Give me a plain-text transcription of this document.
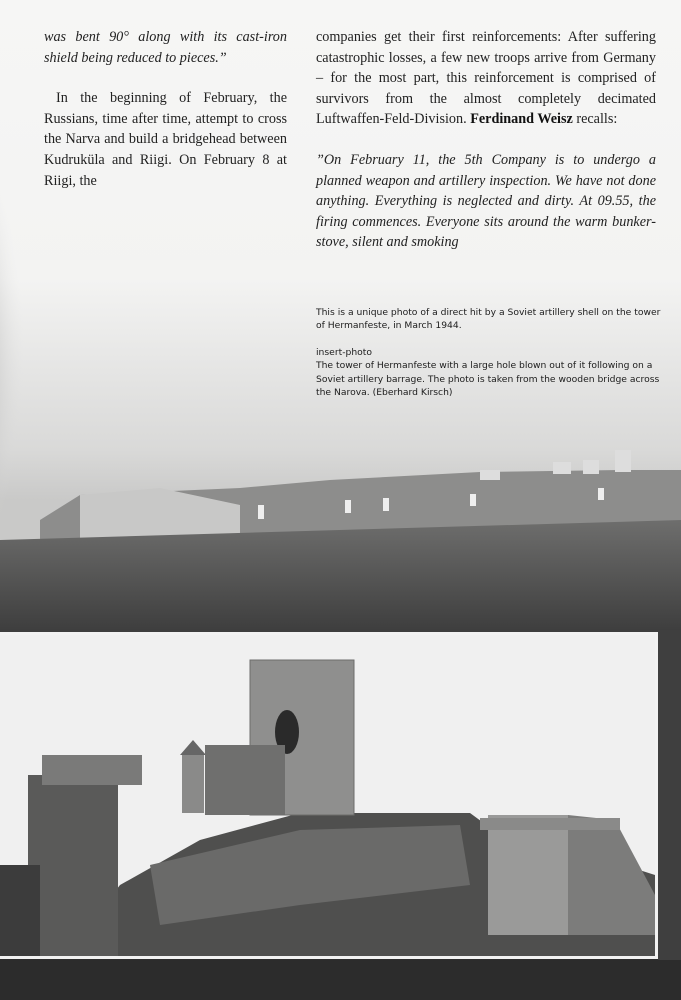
was bent 90° along with its cast-iron shield being reduced to pieces.”

In the beginning of February, the Russians, time after time, attempt to cross the Narva and build a bridgehead between Kudruküla and Riigi. On February 8 at Riigi, the

companies get their first reinforcements: After suffering catastrophic losses, a few new troops arrive from Germany – for the most part, this reinforcement is comprised of survivors from the almost completely decimated Luftwaffen-Feld-Division. Ferdinand Weisz recalls:

”On February 11, the 5th Company is to undergo a planned weapon and artillery inspection. We have not done anything. Everything is neglected and dirty. At 09.55, the firing commences. Everyone sits around the warm bunker-stove, silent and smoking

This is a unique photo of a direct hit by a Soviet artillery shell on the tower of Hermanfeste, in March 1944.

insert-photo

The tower of Hermanfeste with a large hole blown out of it following on a Soviet artillery barrage. The photo is taken from the wooden bridge across the Narova. (Eberhard Kirsch)
